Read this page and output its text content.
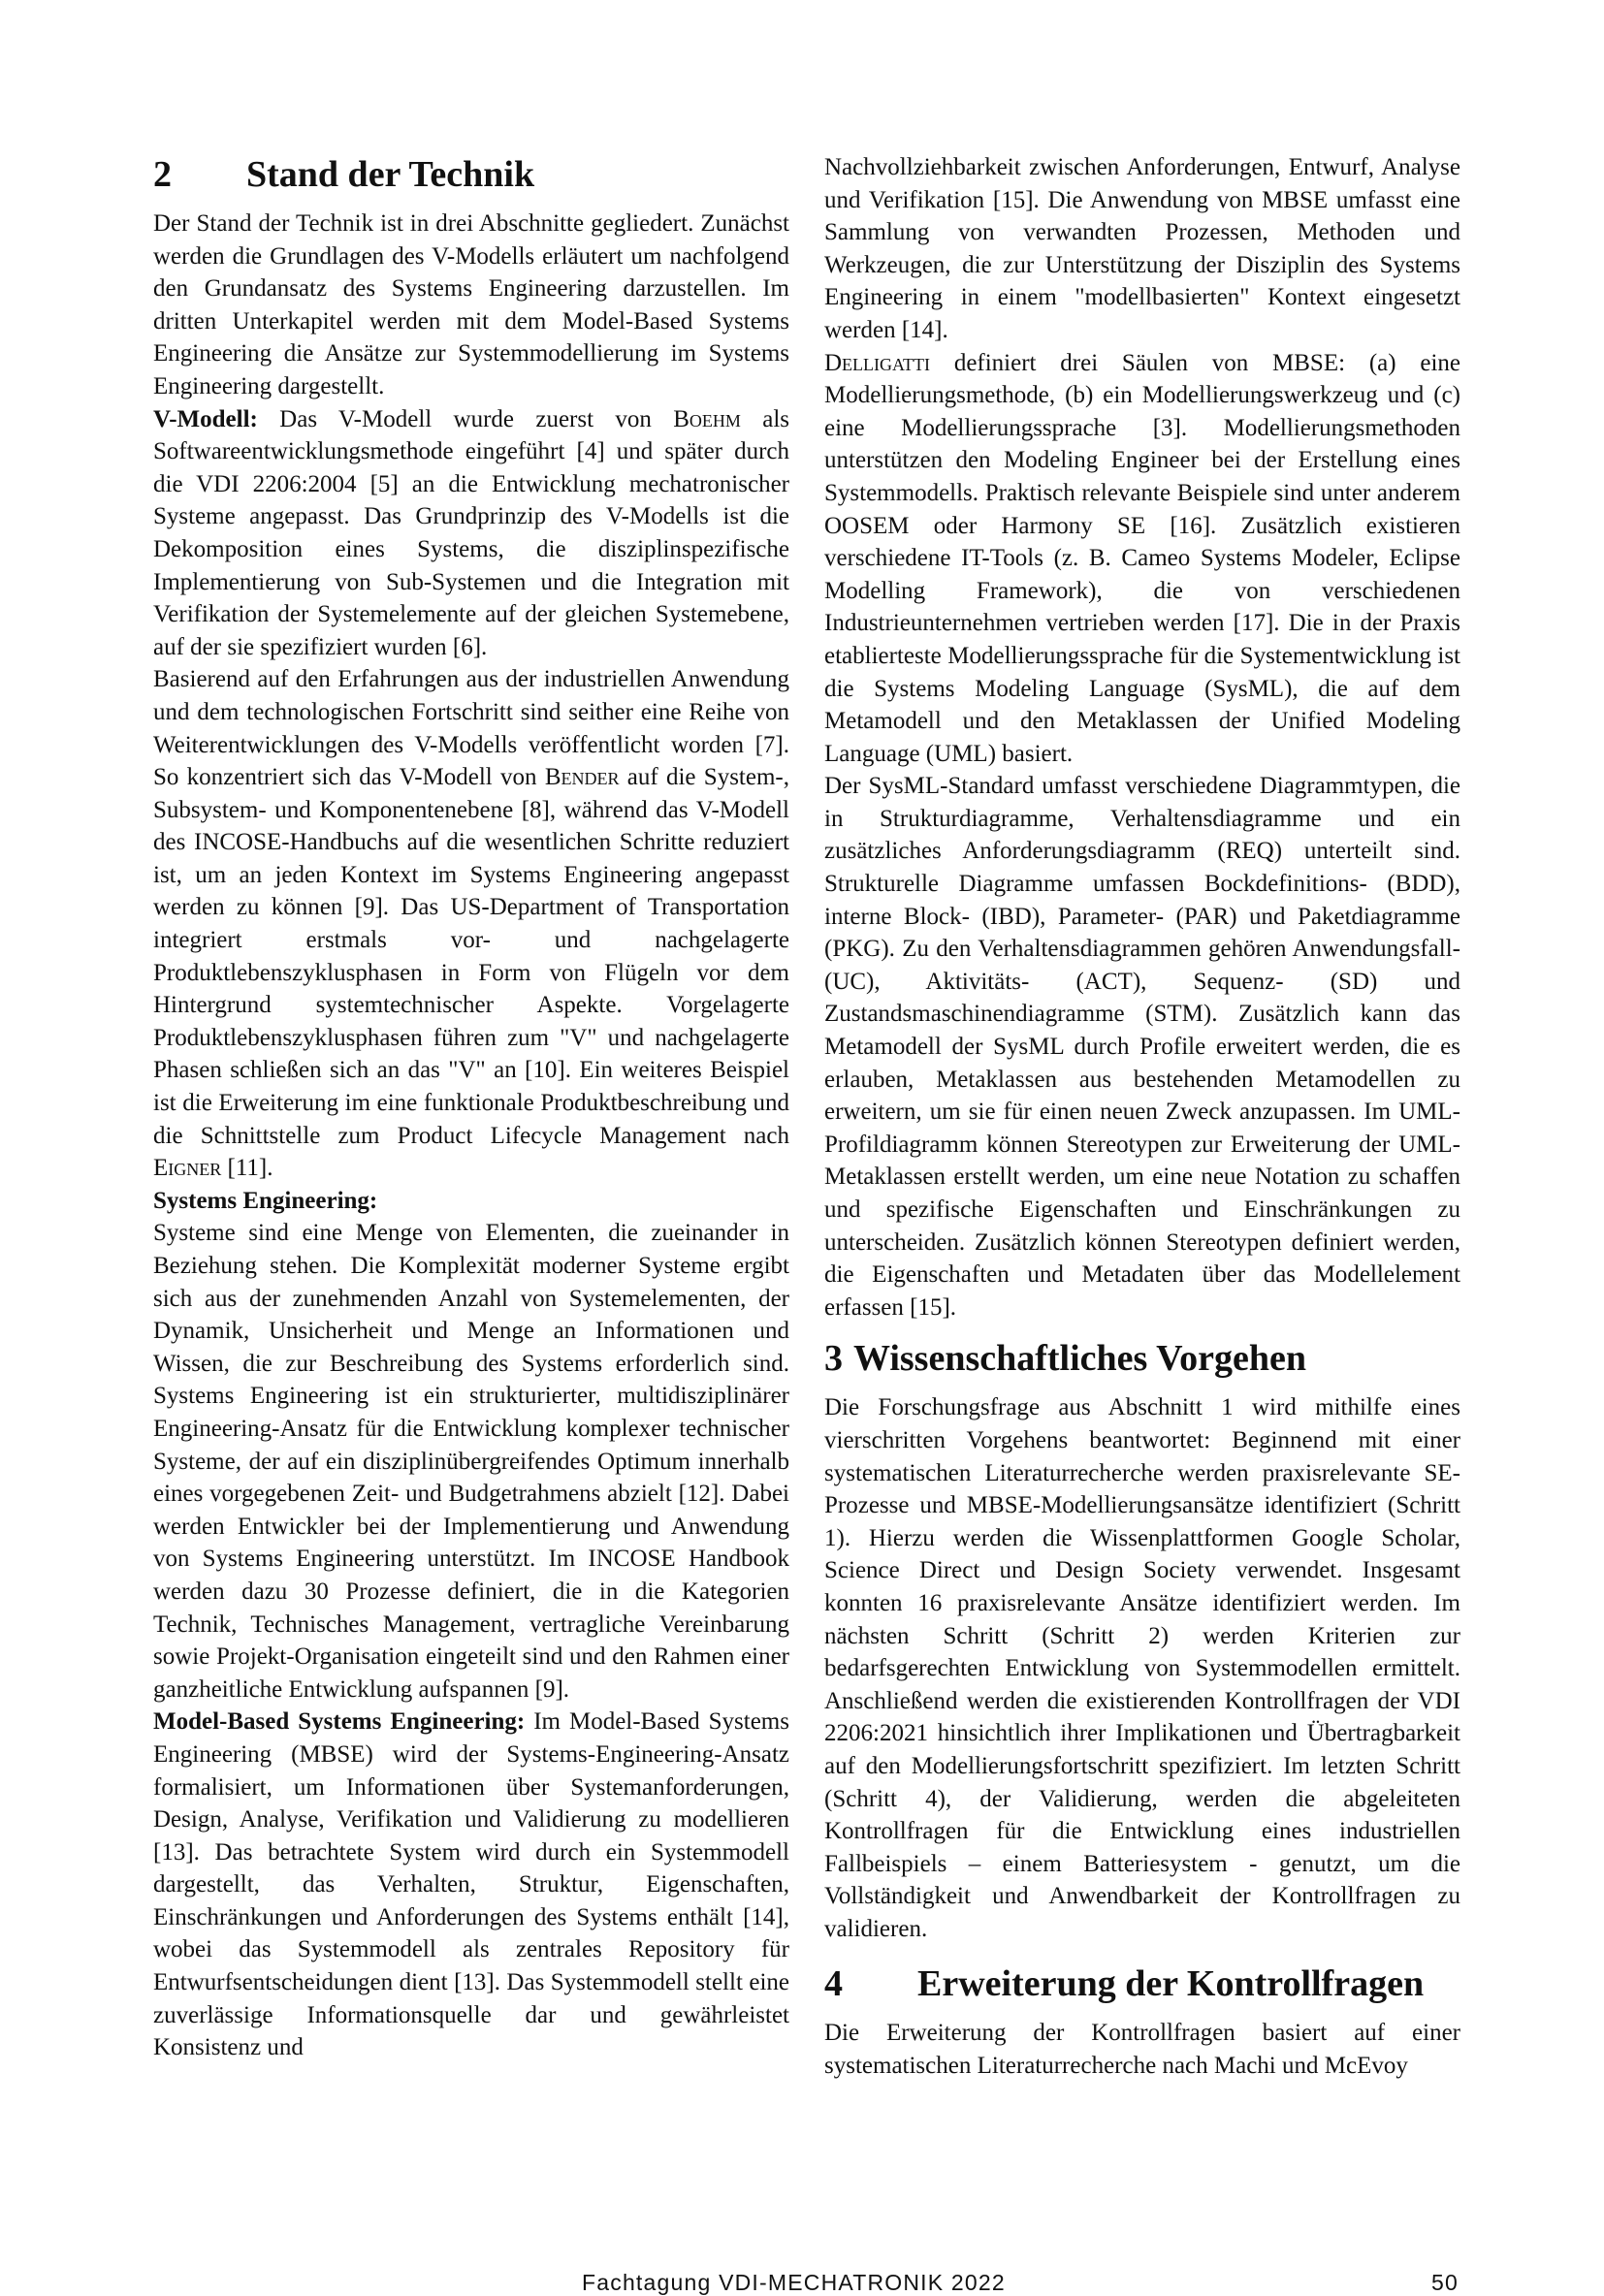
2 Stand der Technik

Der Stand der Technik ist in drei Abschnitte gegliedert. Zunächst werden die Grundlagen des V-Modells erläutert um nachfolgend den Grundansatz des Systems Engineering darzustellen. Im dritten Unterkapitel werden mit dem Model-Based Systems Engineering die Ansätze zur Systemmodellierung im Systems Engineering dargestellt.

V-Modell: Das V-Modell wurde zuerst von Boehm als Softwareentwicklungsmethode eingeführt [4] und später durch die VDI 2206:2004 [5] an die Entwicklung mechatronischer Systeme angepasst. Das Grundprinzip des V-Modells ist die Dekomposition eines Systems, die disziplinspezifische Implementierung von Sub-Systemen und die Integration mit Verifikation der Systemelemente auf der gleichen Systemebene, auf der sie spezifiziert wurden [6].

Basierend auf den Erfahrungen aus der industriellen Anwendung und dem technologischen Fortschritt sind seither eine Reihe von Weiterentwicklungen des V-Modells veröffentlicht worden [7]. So konzentriert sich das V-Modell von Bender auf die System-, Subsystem- und Komponentenebene [8], während das V-Modell des INCOSE-Handbuchs auf die wesentlichen Schritte reduziert ist, um an jeden Kontext im Systems Engineering angepasst werden zu können [9]. Das US-Department of Transportation integriert erstmals vor- und nachgelagerte Produktlebenszyklusphasen in Form von Flügeln vor dem Hintergrund systemtechnischer Aspekte. Vorgelagerte Produktlebenszyklusphasen führen zum "V" und nachgelagerte Phasen schließen sich an das "V" an [10]. Ein weiteres Beispiel ist die Erweiterung im eine funktionale Produktbeschreibung und die Schnittstelle zum Product Lifecycle Management nach Eigner [11].

Systems Engineering:

Systeme sind eine Menge von Elementen, die zueinander in Beziehung stehen. Die Komplexität moderner Systeme ergibt sich aus der zunehmenden Anzahl von Systemelementen, der Dynamik, Unsicherheit und Menge an Informationen und Wissen, die zur Beschreibung des Systems erforderlich sind. Systems Engineering ist ein strukturierter, multidisziplinärer Engineering-Ansatz für die Entwicklung komplexer technischer Systeme, der auf ein disziplinübergreifendes Optimum innerhalb eines vorgegebenen Zeit- und Budgetrahmens abzielt [12]. Dabei werden Entwickler bei der Implementierung und Anwendung von Systems Engineering unterstützt. Im INCOSE Handbook werden dazu 30 Prozesse definiert, die in die Kategorien Technik, Technisches Management, vertragliche Vereinbarung sowie Projekt-Organisation eingeteilt sind und den Rahmen einer ganzheitliche Entwicklung aufspannen [9].

Model-Based Systems Engineering: Im Model-Based Systems Engineering (MBSE) wird der Systems-Engineering-Ansatz formalisiert, um Informationen über Systemanforderungen, Design, Analyse, Verifikation und Validierung zu modellieren [13]. Das betrachtete System wird durch ein Systemmodell dargestellt, das Verhalten, Struktur, Eigenschaften, Einschränkungen und Anforderungen des Systems enthält [14], wobei das Systemmodell als zentrales Repository für Entwurfsentscheidungen dient [13]. Das Systemmodell stellt eine zuverlässige Informationsquelle dar und gewährleistet Konsistenz und

Nachvollziehbarkeit zwischen Anforderungen, Entwurf, Analyse und Verifikation [15]. Die Anwendung von MBSE umfasst eine Sammlung von verwandten Prozessen, Methoden und Werkzeugen, die zur Unterstützung der Disziplin des Systems Engineering in einem "modellbasierten" Kontext eingesetzt werden [14].

Delligatti definiert drei Säulen von MBSE: (a) eine Modellierungsmethode, (b) ein Modellierungswerkzeug und (c) eine Modellierungssprache [3]. Modellierungsmethoden unterstützen den Modeling Engineer bei der Erstellung eines Systemmodells. Praktisch relevante Beispiele sind unter anderem OOSEM oder Harmony SE [16]. Zusätzlich existieren verschiedene IT-Tools (z. B. Cameo Systems Modeler, Eclipse Modelling Framework), die von verschiedenen Industrieunternehmen vertrieben werden [17]. Die in der Praxis etablierteste Modellierungssprache für die Systementwicklung ist die Systems Modeling Language (SysML), die auf dem Metamodell und den Metaklassen der Unified Modeling Language (UML) basiert.

Der SysML-Standard umfasst verschiedene Diagrammtypen, die in Strukturdiagramme, Verhaltensdiagramme und ein zusätzliches Anforderungsdiagramm (REQ) unterteilt sind. Strukturelle Diagramme umfassen Bockdefinitions- (BDD), interne Block- (IBD), Parameter- (PAR) und Paketdiagramme (PKG). Zu den Verhaltensdiagrammen gehören Anwendungsfall- (UC), Aktivitäts- (ACT), Sequenz- (SD) und Zustandsmaschinendiagramme (STM). Zusätzlich kann das Metamodell der SysML durch Profile erweitert werden, die es erlauben, Metaklassen aus bestehenden Metamodellen zu erweitern, um sie für einen neuen Zweck anzupassen. Im UML-Profildiagramm können Stereotypen zur Erweiterung der UML-Metaklassen erstellt werden, um eine neue Notation zu schaffen und spezifische Eigenschaften und Einschränkungen zu unterscheiden. Zusätzlich können Stereotypen definiert werden, die Eigenschaften und Metadaten über das Modellelement erfassen [15].

3 Wissenschaftliches Vorgehen

Die Forschungsfrage aus Abschnitt 1 wird mithilfe eines vierschritten Vorgehens beantwortet: Beginnend mit einer systematischen Literaturrecherche werden praxisrelevante SE-Prozesse und MBSE-Modellierungsansätze identifiziert (Schritt 1). Hierzu werden die Wissenplattformen Google Scholar, Science Direct und Design Society verwendet. Insgesamt konnten 16 praxisrelevante Ansätze identifiziert werden. Im nächsten Schritt (Schritt 2) werden Kriterien zur bedarfsgerechten Entwicklung von Systemmodellen ermittelt. Anschließend werden die existierenden Kontrollfragen der VDI 2206:2021 hinsichtlich ihrer Implikationen und Übertragbarkeit auf den Modellierungsfortschritt spezifiziert. Im letzten Schritt (Schritt 4), der Validierung, werden die abgeleiteten Kontrollfragen für die Entwicklung eines industriellen Fallbeispiels – einem Batteriesystem - genutzt, um die Vollständigkeit und Anwendbarkeit der Kontrollfragen zu validieren.

4 Erweiterung der Kontrollfragen

Die Erweiterung der Kontrollfragen basiert auf einer systematischen Literaturrecherche nach Machi und McEvoy

Fachtagung VDI-MECHATRONIK 2022	50
